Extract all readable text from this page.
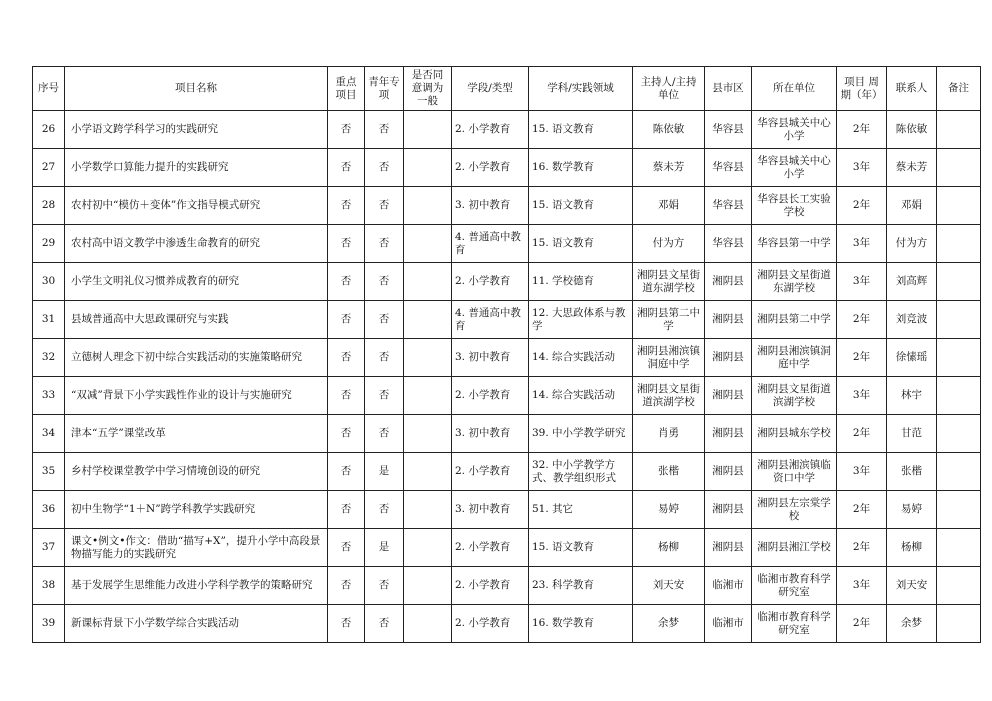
序号	项目名称	重点项目	青年专项	是否同意调为一般	学段/类型	学科/实践领域	主持人/主持单位	县市区	所在单位	项目 周期（年）	联系人	备注
26	小学语文跨学科学习的实践研究	否	否		2. 小学教育	15. 语文教育	陈依敏	华容县	华容县城关中心小学	2年	陈依敏	
27	小学数学口算能力提升的实践研究	否	否		2. 小学教育	16. 数学教育	蔡未芳	华容县	华容县城关中心小学	3年	蔡未芳	
28	农村初中“模仿＋变体”作文指导模式研究	否	否		3. 初中教育	15. 语文教育	邓娟	华容县	华容县长工实验学校	2年	邓娟	
29	农村高中语文教学中渗透生命教育的研究	否	否		4. 普通高中教育	15. 语文教育	付为方	华容县	华容县第一中学	3年	付为方	
30	小学生文明礼仪习惯养成教育的研究	否	否		2. 小学教育	11. 学校德育	湘阴县文星街道东湖学校	湘阴县	湘阴县文星街道东湖学校	3年	刘高辉	
31	县域普通高中大思政课研究与实践	否	否		4. 普通高中教育	12. 大思政体系与教学	湘阴县第二中学	湘阴县	湘阴县第二中学	2年	刘竞波	
32	立德树人理念下初中综合实践活动的实施策略研究	否	否		3. 初中教育	14. 综合实践活动	湘阴县湘滨镇洞庭中学	湘阴县	湘阴县湘滨镇洞庭中学	2年	徐愫瑶	
33	“双减”背景下小学实践性作业的设计与实施研究	否	否		2. 小学教育	14. 综合实践活动	湘阴县文星街道滨湖学校	湘阴县	湘阴县文星街道滨湖学校	3年	林宇	
34	津本“五学”课堂改革	否	否		3. 初中教育	39. 中小学教学研究	肖勇	湘阴县	湘阴县城东学校	2年	甘范	
35	乡村学校课堂教学中学习情境创设的研究	否	是		2. 小学教育	32. 中小学教学方式、教学组织形式	张楷	湘阴县	湘阴县湘滨镇临资口中学	3年	张楷	
36	初中生物学“1＋N”跨学科教学实践研究	否	否		3. 初中教育	51. 其它	易婷	湘阴县	湘阴县左宗棠学校	2年	易婷	
37	课文•例文•作文：借助“描写+X”，提升小学中高段景物描写能力的实践研究	否	是		2. 小学教育	15. 语文教育	杨柳	湘阴县	湘阴县湘江学校	2年	杨柳	
38	基于发展学生思维能力改进小学科学教学的策略研究	否	否		2. 小学教育	23. 科学教育	刘天安	临湘市	临湘市教育科学研究室	3年	刘天安	
39	新课标背景下小学数学综合实践活动	否	否		2. 小学教育	16. 数学教育	余梦	临湘市	临湘市教育科学研究室	2年	余梦	
